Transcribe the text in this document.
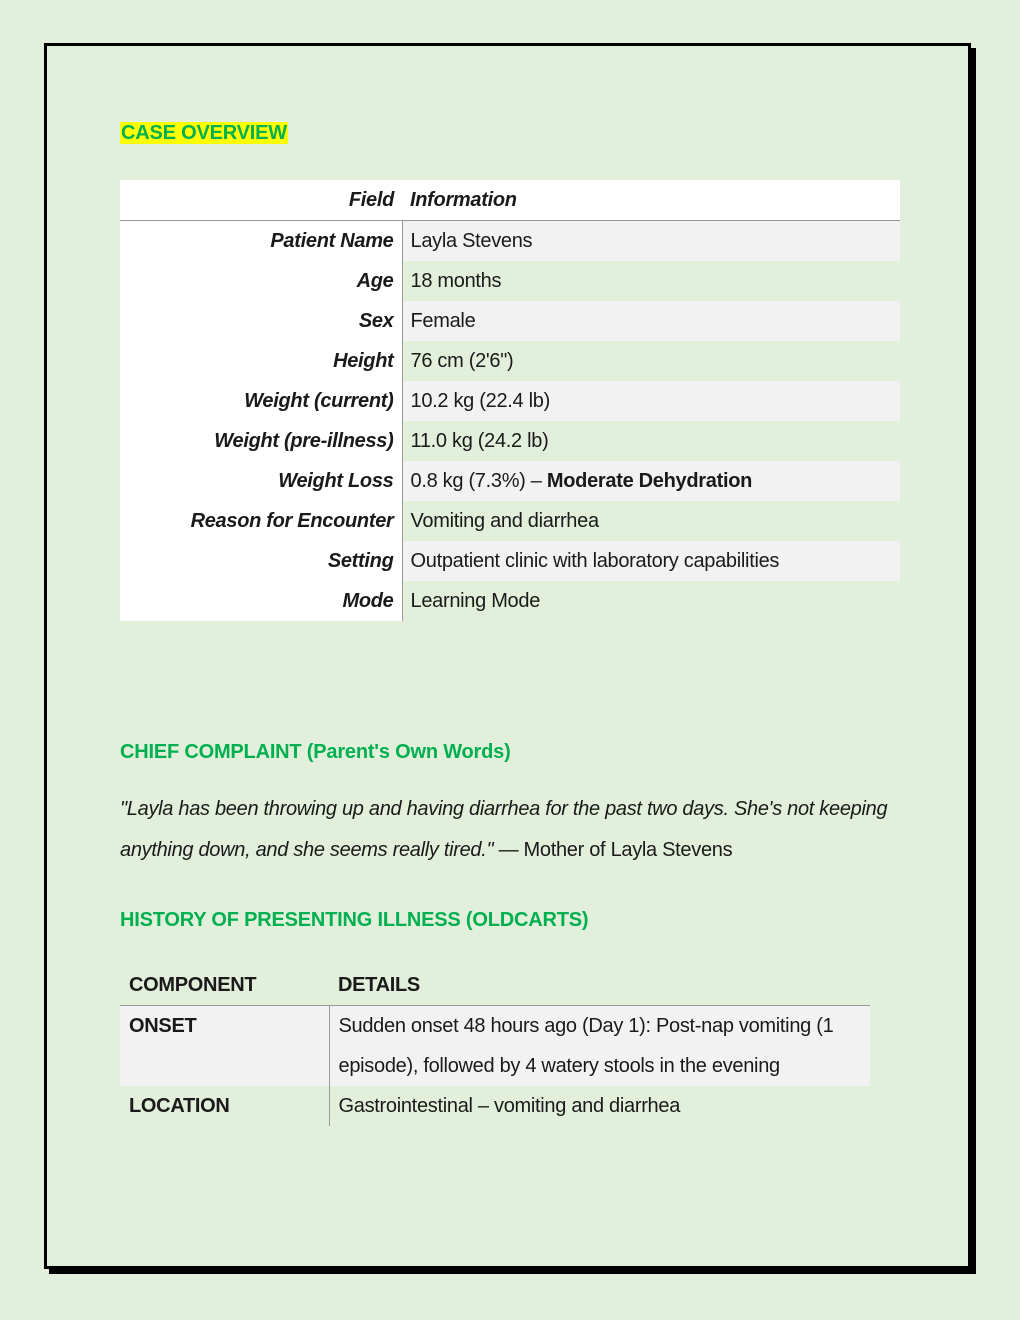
CASE OVERVIEW
Field	Information
Patient Name	Layla Stevens
Age	18 months
Sex	Female
Height	76 cm (2'6")
Weight (current)	10.2 kg (22.4 lb)
Weight (pre-illness)	11.0 kg (24.2 lb)
Weight Loss	0.8 kg (7.3%) – Moderate Dehydration
Reason for Encounter	Vomiting and diarrhea
Setting	Outpatient clinic with laboratory capabilities
Mode	Learning Mode
CHIEF COMPLAINT (Parent's Own Words)

"Layla has been throwing up and having diarrhea for the past two days. She's not keeping anything down, and she seems really tired." — Mother of Layla Stevens

HISTORY OF PRESENTING ILLNESS (OLDCARTS)
COMPONENT	DETAILS
ONSET	Sudden onset 48 hours ago (Day 1): Post-nap vomiting (1 episode), followed by 4 watery stools in the evening
LOCATION	Gastrointestinal – vomiting and diarrhea
